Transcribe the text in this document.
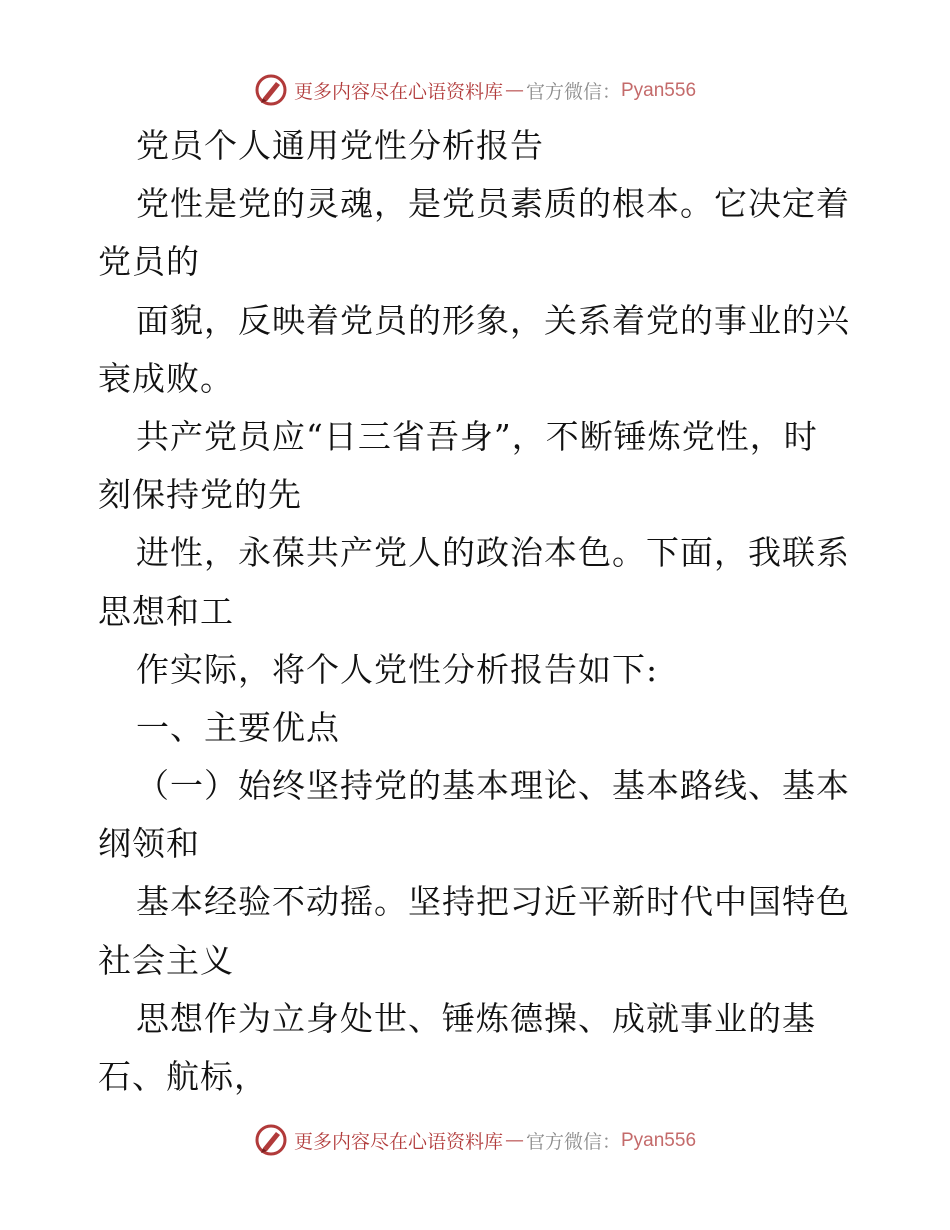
更多内容尽在心语资料库 — 官方微信： Pyan556
党员个人通用党性分析报告
党性是党的灵魂，是党员素质的根本。它决定着
党员的
面貌，反映着党员的形象，关系着党的事业的兴
衰成败。
共产党员应“日三省吾身”，不断锤炼党性，时
刻保持党的先
进性，永葆共产党人的政治本色。下面，我联系
思想和工
作实际，将个人党性分析报告如下:
一、主要优点
（一）始终坚持党的基本理论、基本路线、基本
纲领和
基本经验不动摇。坚持把习近平新时代中国特色
社会主义
思想作为立身处世、锤炼德操、成就事业的基
石、航标，
更多内容尽在心语资料库 — 官方微信： Pyan556
